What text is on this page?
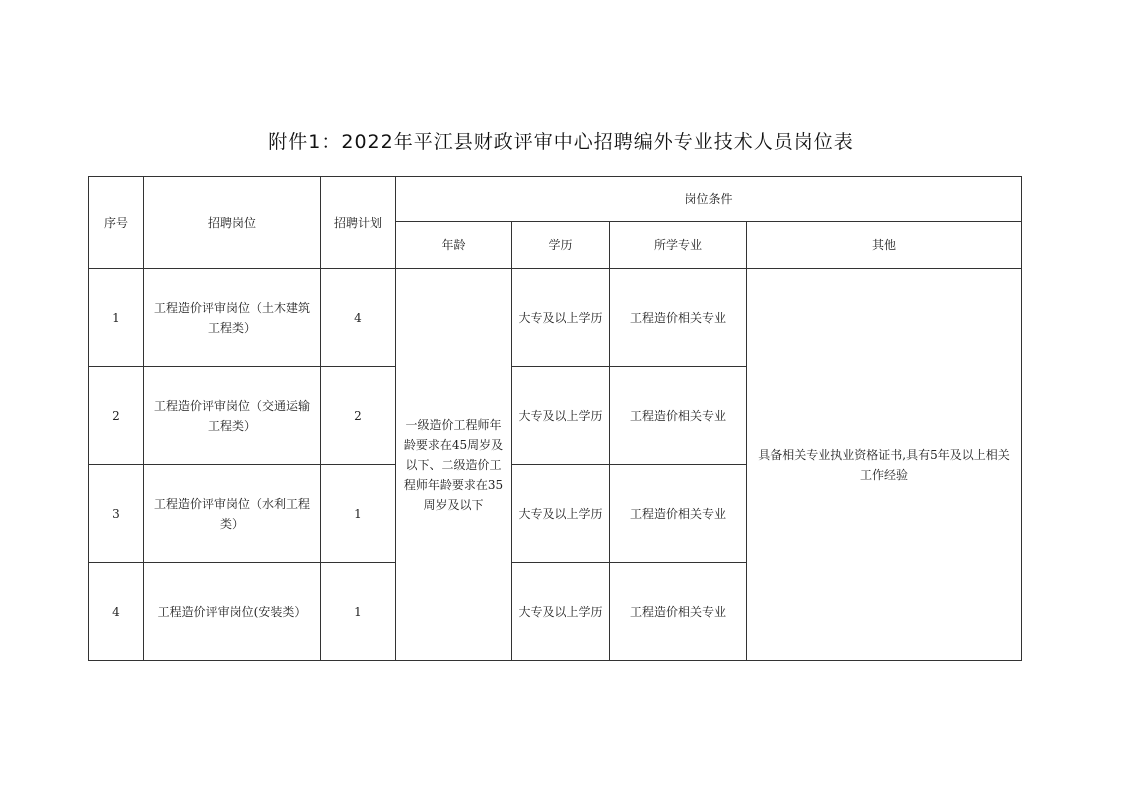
附件1：2022年平江县财政评审中心招聘编外专业技术人员岗位表
序号	招聘岗位	招聘计划	岗位条件			
			年龄	学历	所学专业	其他
1	工程造价评审岗位（土木建筑工程类）	4	一级造价工程师年龄要求在45周岁及以下、二级造价工程师年龄要求在35周岁及以下	大专及以上学历	工程造价相关专业	具备相关专业执业资格证书,具有5年及以上相关工作经验
2	工程造价评审岗位（交通运输工程类）	2		大专及以上学历	工程造价相关专业	
3	工程造价评审岗位（水利工程类）	1		大专及以上学历	工程造价相关专业	
4	工程造价评审岗位(安装类）	1		大专及以上学历	工程造价相关专业	
